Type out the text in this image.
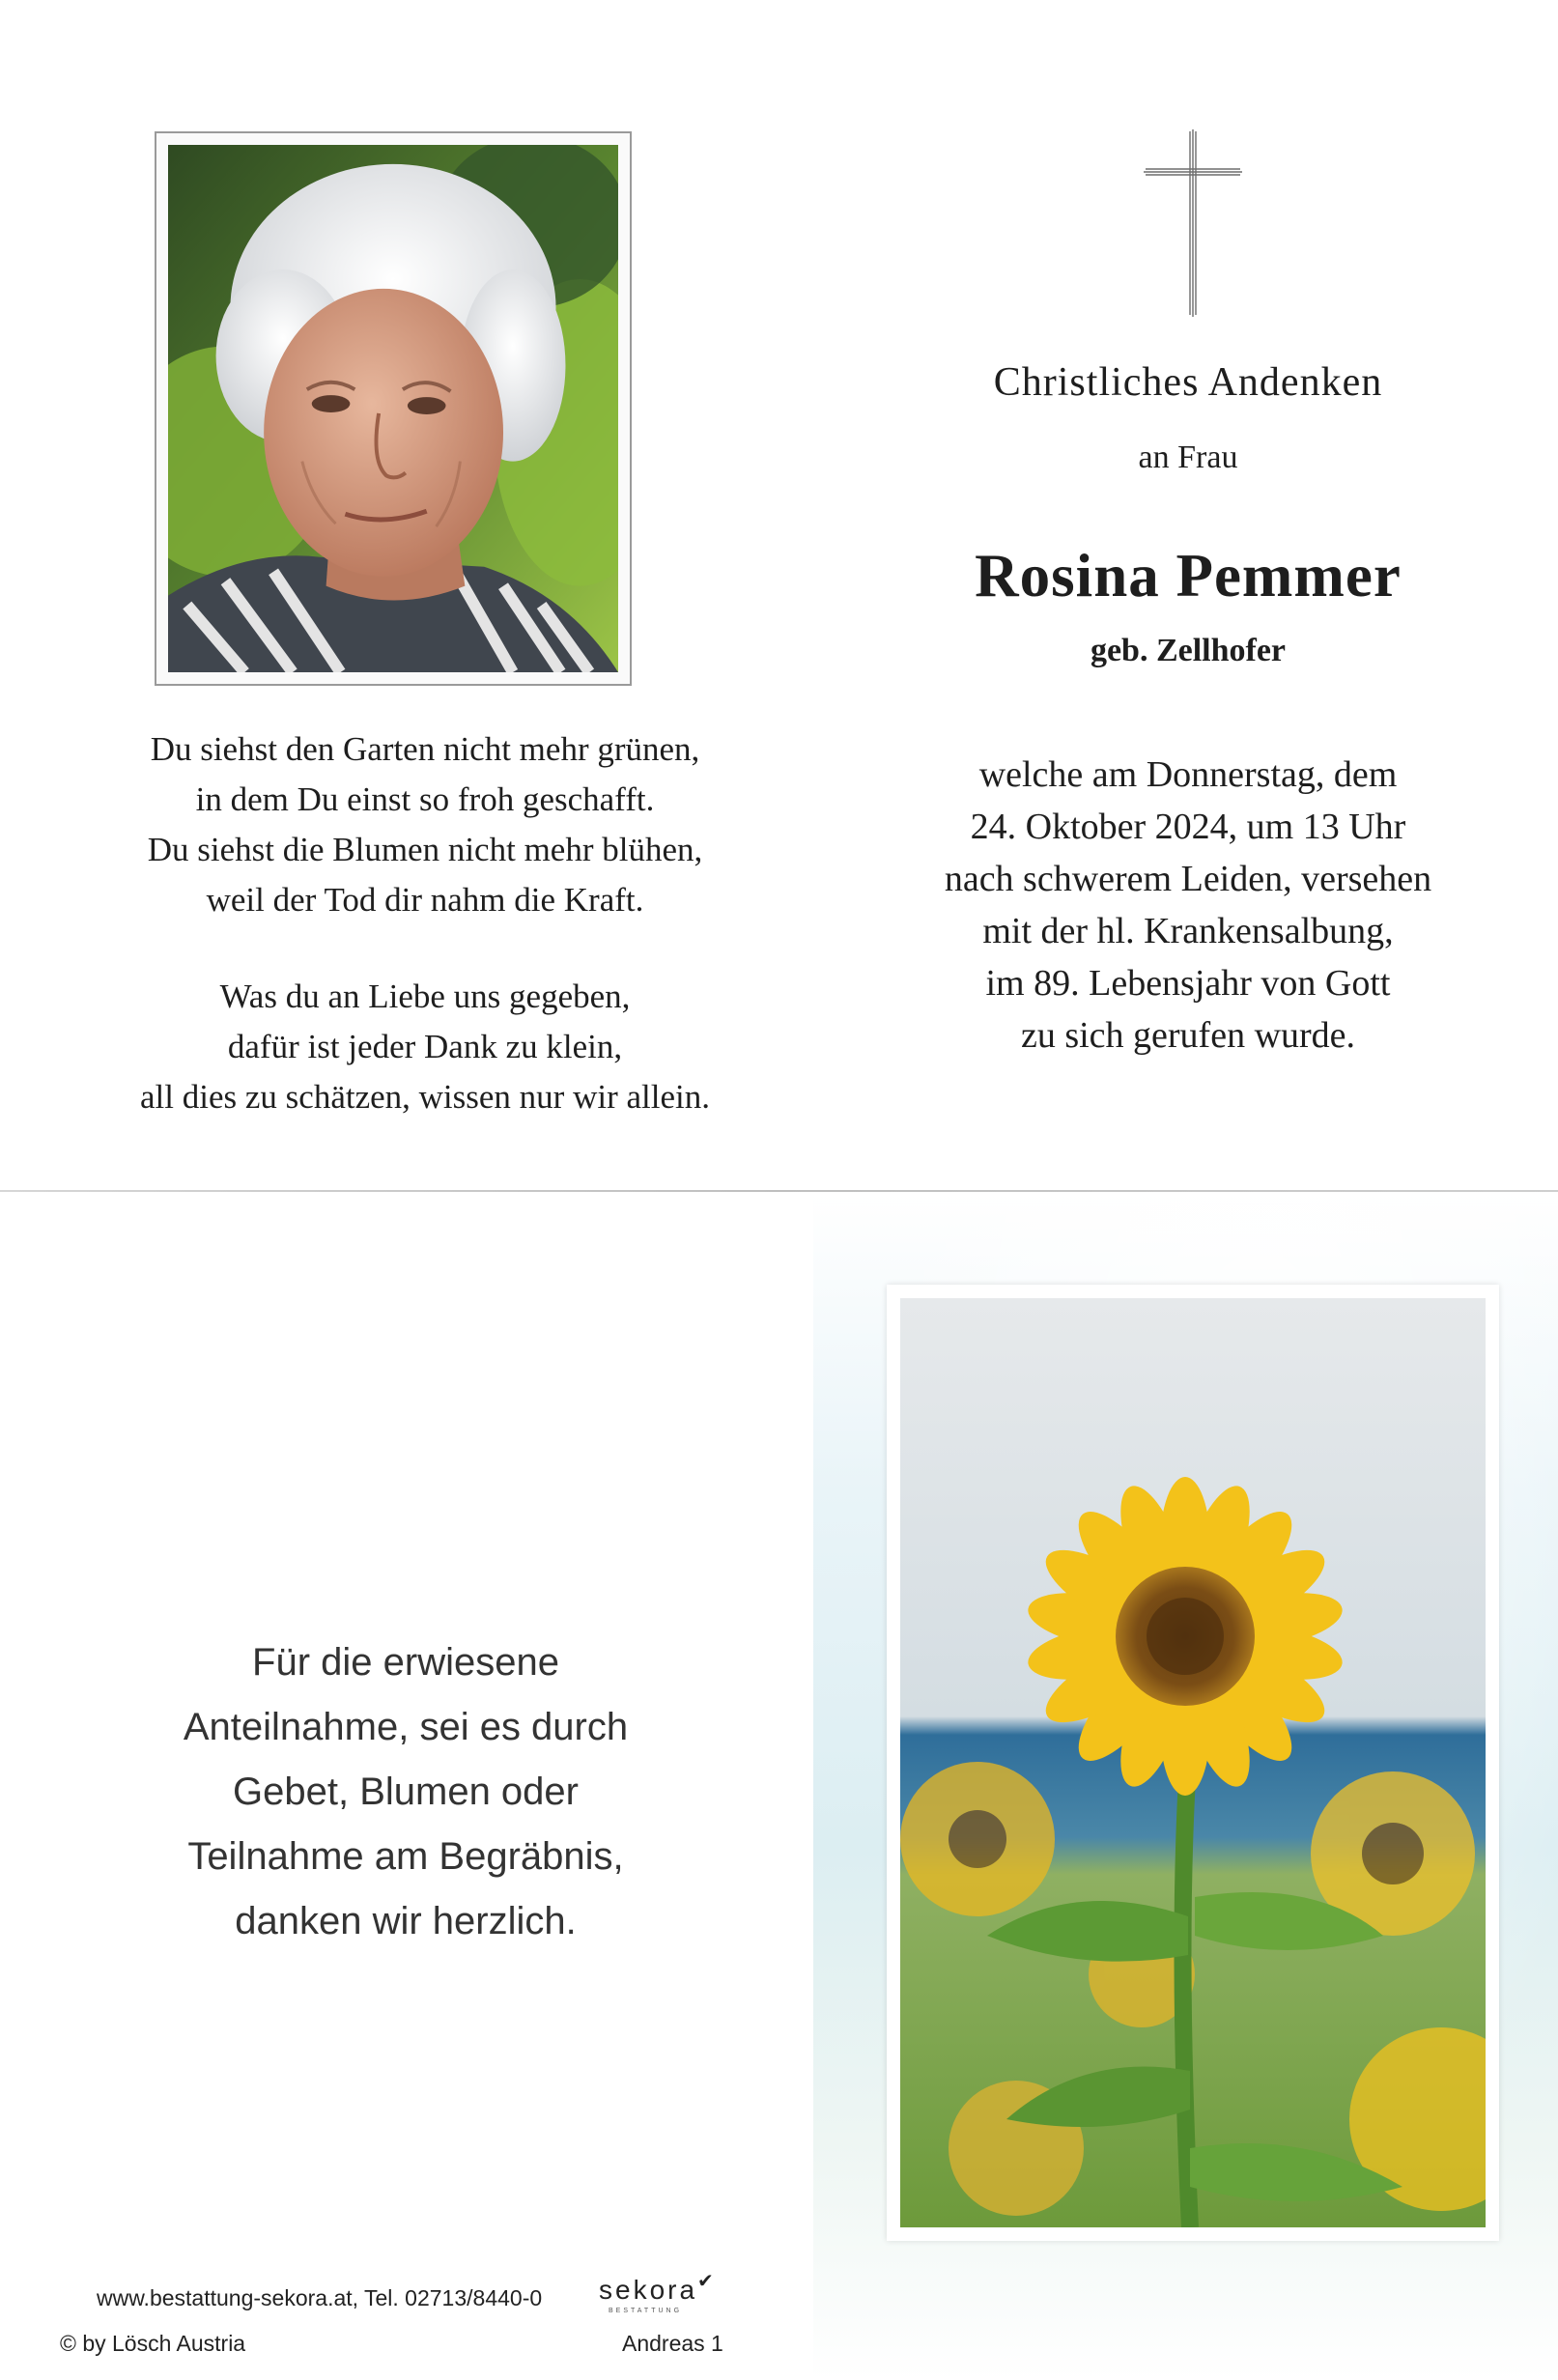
Du siehst den Garten nicht mehr grünen,

in dem Du einst so froh geschafft.

Du siehst die Blumen nicht mehr blühen,

weil der Tod dir nahm die Kraft.

Was du an Liebe uns gegeben,

dafür ist jeder Dank zu klein,

all dies zu schätzen, wissen nur wir allein.

Christliches Andenken
an Frau
Rosina Pemmer
geb. Zellhofer

welche am Donnerstag, dem

24. Oktober 2024, um 13 Uhr

nach schwerem Leiden, versehen

mit der hl. Krankensalbung,

im 89. Lebensjahr von Gott

zu sich gerufen wurde.

Für die erwiesene

Anteilnahme, sei es durch

Gebet, Blumen oder

Teilnahme am Begräbnis,

danken wir herzlich.

www.bestattung-sekora.at, Tel. 02713/8440-0 sekora✔
BESTATTUNG
© by Lösch Austria	Andreas 1
